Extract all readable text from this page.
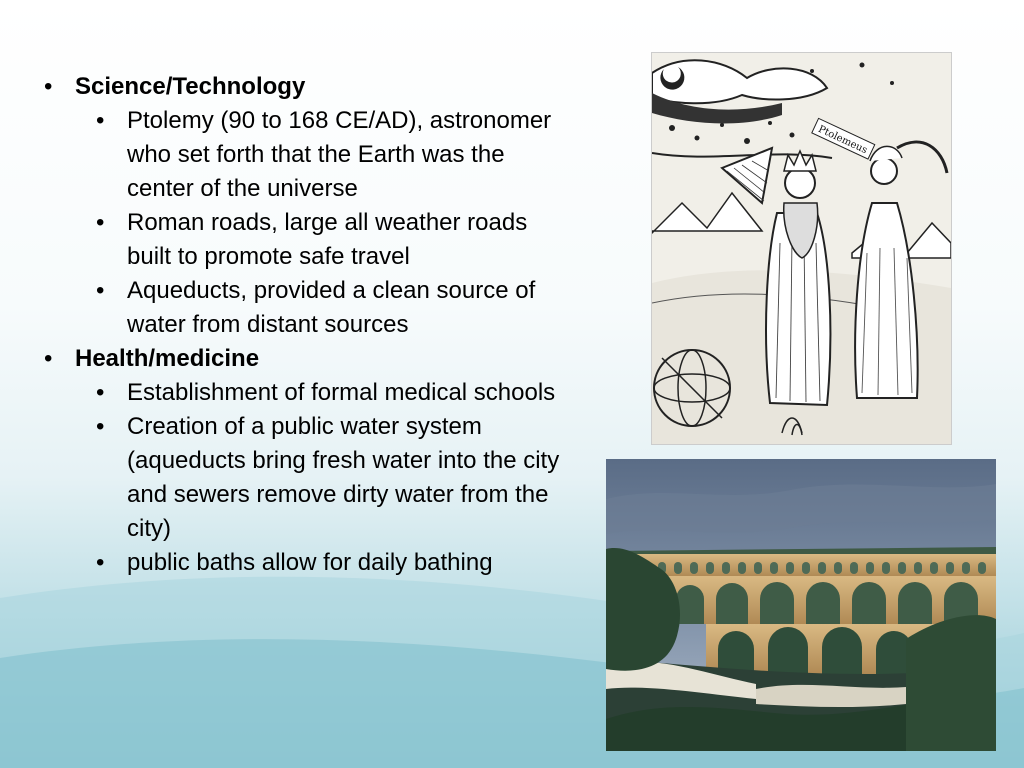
• Science/Technology
• Ptolemy (90 to 168 CE/AD), astronomer who set forth that the Earth was the center of the universe
• Roman roads, large all weather roads built to promote safe travel
• Aqueducts, provided a clean source of water from distant sources
• Health/medicine
• Establishment of formal medical schools
• Creation of a public water system (aqueducts bring fresh water into the city and sewers remove dirty water from the city)
• public baths allow for daily bathing
Ptolemeus
